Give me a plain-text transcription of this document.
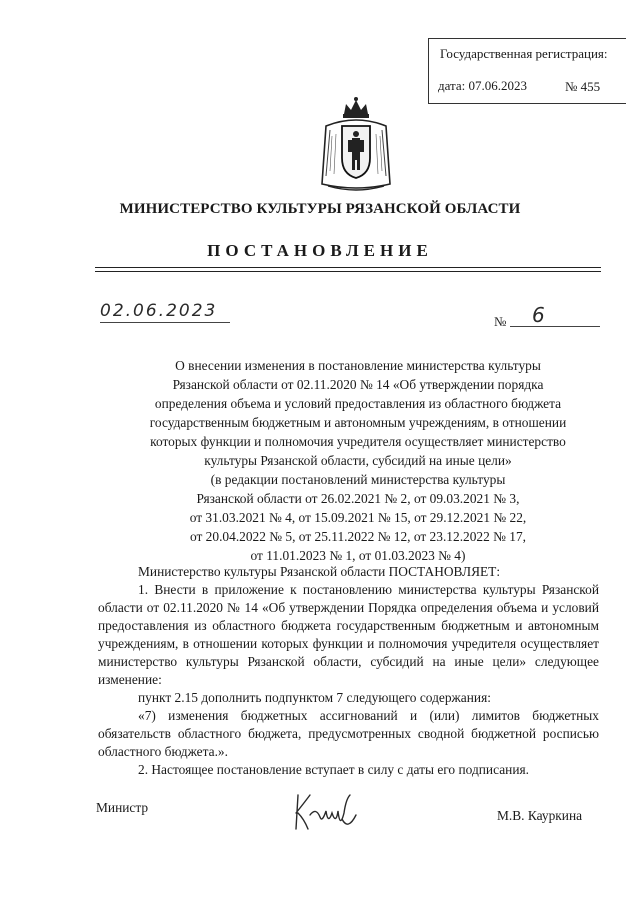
Государственная регистрация:
дата: 07.06.2023	№ 455
МИНИСТЕРСТВО КУЛЬТУРЫ РЯЗАНСКОЙ ОБЛАСТИ
ПОСТАНОВЛЕНИЕ
02.06.2023
№ 6
О внесении изменения в постановление министерства культуры
Рязанской области от 02.11.2020 № 14 «Об утверждении порядка
определения объема и условий предоставления из областного бюджета
государственным бюджетным и автономным учреждениям, в отношении
которых функции и полномочия учредителя осуществляет министерство
культуры Рязанской области, субсидий на иные цели»
(в редакции постановлений министерства культуры
Рязанской области от 26.02.2021 № 2, от 09.03.2021 № 3,
от 31.03.2021 № 4, от 15.09.2021 № 15, от 29.12.2021 № 22,
от 20.04.2022 № 5, от 25.11.2022 № 12, от 23.12.2022 № 17,
от 11.01.2023 № 1, от 01.03.2023 № 4)

Министерство культуры Рязанской области ПОСТАНОВЛЯЕТ:

1. Внести в приложение к постановлению министерства культуры Рязанской области от 02.11.2020 № 14 «Об утверждении Порядка определения объема и условий предоставления из областного бюджета государственным бюджетным и автономным учреждениям, в отношении которых функции и полномочия учредителя осуществляет министерство культуры Рязанской области, субсидий на иные цели» следующее изменение:

пункт 2.15 дополнить подпунктом 7 следующего содержания:

«7) изменения бюджетных ассигнований и (или) лимитов бюджетных обязательств областного бюджета, предусмотренных сводной бюджетной росписью областного бюджета.».

2. Настоящее постановление вступает в силу с даты его подписания.

Министр
М.В. Кауркина
